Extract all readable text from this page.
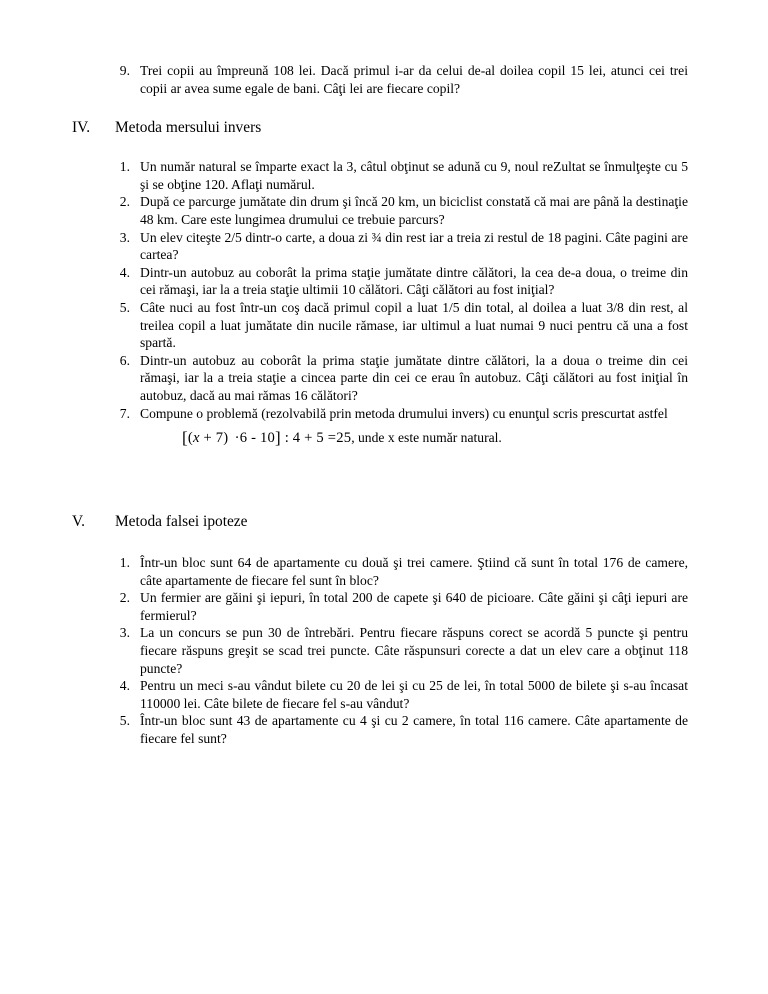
9. Trei copii au împreună 108 lei. Dacă primul i-ar da celui de-al doilea copil 15 lei, atunci cei trei copii ar avea sume egale de bani. Câţi lei are fiecare copil?
IV.	Metoda mersului invers
1. Un număr natural se împarte exact la 3, câtul obţinut se adună cu 9, noul reZultat se înmulţeşte cu 5 şi se obţine 120. Aflaţi numărul.
2. După ce parcurge jumătate din drum şi încă 20 km, un biciclist constată că mai are până la destinaţie 48 km. Care este lungimea drumului ce trebuie parcurs?
3. Un elev citeşte 2/5 dintr-o carte, a doua zi ¾ din rest iar a treia zi restul de 18 pagini. Câte pagini are cartea?
4. Dintr-un autobuz au coborât la prima staţie jumătate dintre călători, la cea de-a doua, o treime din cei rămaşi, iar la a treia staţie ultimii 10 călători. Câţi călători au fost iniţial?
5. Câte nuci au fost într-un coş dacă primul copil a luat 1/5 din total, al doilea a luat 3/8 din rest, al treilea copil a luat jumătate din nucile rămase, iar ultimul a luat numai 9 nuci pentru că una a fost spartă.
6. Dintr-un autobuz au coborât la prima staţie jumătate dintre călători, la a doua o treime din cei rămaşi, iar la a treia staţie a cincea parte din cei ce erau în autobuz. Câţi călători au fost iniţial în autobuz, dacă au mai rămas 16 călători?
7. Compune o problemă (rezolvabilă prin metoda drumului invers) cu enunţul scris prescurtat astfel
[(x + 7) ·6 - 10] : 4 + 5 =25, unde x este număr natural.
V.	Metoda falsei ipoteze
1. Într-un bloc sunt 64 de apartamente cu două şi trei camere. Ştiind că sunt în total 176 de camere, câte apartamente de fiecare fel sunt în bloc?
2. Un fermier are găini şi iepuri, în total 200 de capete şi 640 de picioare. Câte găini şi câţi iepuri are fermierul?
3. La un concurs se pun 30 de întrebări. Pentru fiecare răspuns corect se acordă 5 puncte şi pentru fiecare răspuns greşit se scad trei puncte. Câte răspunsuri corecte a dat un elev care a obţinut 118 puncte?
4. Pentru un meci s-au vândut bilete cu 20 de lei şi cu 25 de lei, în total 5000 de bilete şi s-au încasat 110000 lei. Câte bilete de fiecare fel s-au vândut?
5. Într-un bloc sunt 43 de apartamente cu 4 şi cu 2 camere, în total 116 camere. Câte apartamente de fiecare fel sunt?
